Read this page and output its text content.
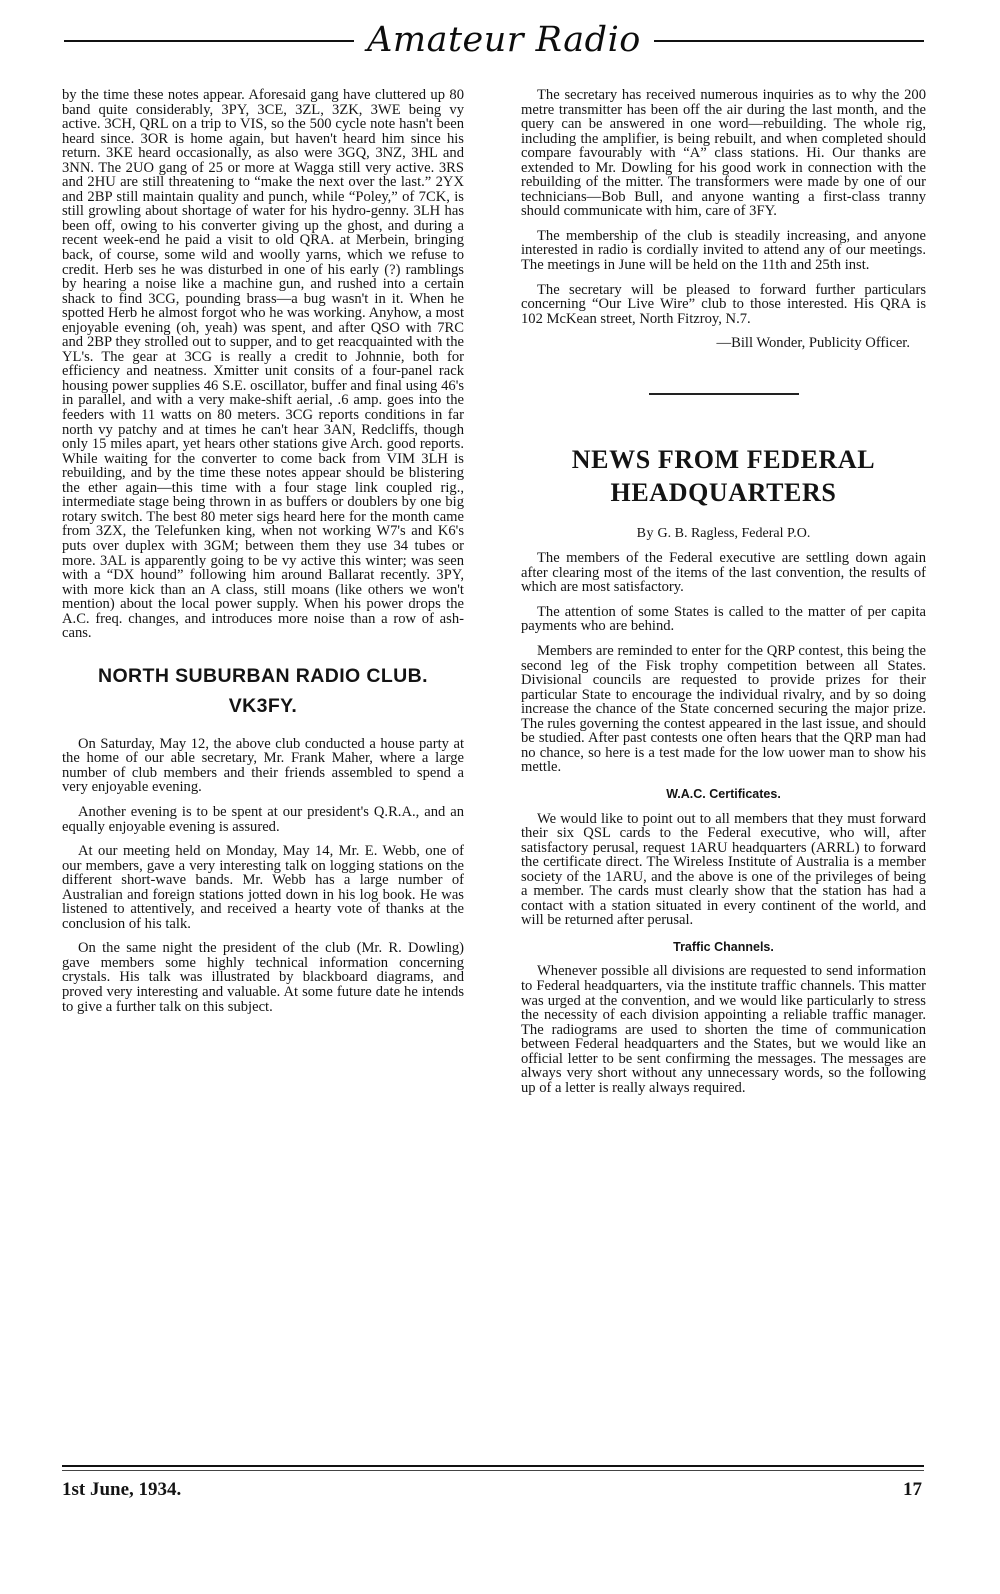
Amateur Radio

by the time these notes appear. Aforesaid gang have cluttered up 80 band quite considerably, 3PY, 3CE, 3ZL, 3ZK, 3WE being vy active. 3CH, QRL on a trip to VIS, so the 500 cycle note hasn't been heard since. 3OR is home again, but haven't heard him since his return. 3KE heard occasionally, as also were 3GQ, 3NZ, 3HL and 3NN. The 2UO gang of 25 or more at Wagga still very active. 3RS and 2HU are still threatening to “make the next over the last.” 2YX and 2BP still maintain quality and punch, while “Poley,” of 7CK, is still growling about shortage of water for his hydro-genny. 3LH has been off, owing to his converter giving up the ghost, and during a recent week-end he paid a visit to old QRA. at Merbein, bringing back, of course, some wild and woolly yarns, which we refuse to credit. Herb ses he was disturbed in one of his early (?) ramblings by hearing a noise like a machine gun, and rushed into a certain shack to find 3CG, pounding brass—a bug wasn't in it. When he spotted Herb he almost forgot who he was working. Anyhow, a most enjoyable evening (oh, yeah) was spent, and after QSO with 7RC and 2BP they strolled out to supper, and to get reacquainted with the YL's. The gear at 3CG is really a credit to Johnnie, both for efficiency and neatness. Xmitter unit consits of a four-panel rack housing power supplies 46 S.E. oscillator, buffer and final using 46's in parallel, and with a very make-shift aerial, .6 amp. goes into the feeders with 11 watts on 80 meters. 3CG reports conditions in far north vy patchy and at times he can't hear 3AN, Redcliffs, though only 15 miles apart, yet hears other stations give Arch. good reports. While waiting for the converter to come back from VIM 3LH is rebuilding, and by the time these notes appear should be blistering the ether again—this time with a four stage link coupled rig., intermediate stage being thrown in as buffers or doublers by one big rotary switch. The best 80 meter sigs heard here for the month came from 3ZX, the Telefunken king, when not working W7's and K6's puts over duplex with 3GM; between them they use 34 tubes or more. 3AL is apparently going to be vy active this winter; was seen with a “DX hound” following him around Ballarat recently. 3PY, with more kick than an A class, still moans (like others we won't mention) about the local power supply. When his power drops the A.C. freq. changes, and introduces more noise than a row of ash-cans.

NORTH SUBURBAN RADIO CLUB.
VK3FY.

On Saturday, May 12, the above club conducted a house party at the home of our able secretary, Mr. Frank Maher, where a large number of club members and their friends assembled to spend a very enjoyable evening.

Another evening is to be spent at our president's Q.R.A., and an equally enjoyable evening is assured.

At our meeting held on Monday, May 14, Mr. E. Webb, one of our members, gave a very interesting talk on logging stations on the different short-wave bands. Mr. Webb has a large number of Australian and foreign stations jotted down in his log book. He was listened to attentively, and received a hearty vote of thanks at the conclusion of his talk.

On the same night the president of the club (Mr. R. Dowling) gave members some highly technical information concerning crystals. His talk was illustrated by blackboard diagrams, and proved very interesting and valuable. At some future date he intends to give a further talk on this subject.

The secretary has received numerous inquiries as to why the 200 metre transmitter has been off the air during the last month, and the query can be answered in one word—rebuilding. The whole rig, including the amplifier, is being rebuilt, and when completed should compare favourably with “A” class stations. Hi. Our thanks are extended to Mr. Dowling for his good work in connection with the rebuilding of the mitter. The transformers were made by one of our technicians—Bob Bull, and anyone wanting a first-class tranny should communicate with him, care of 3FY.

The membership of the club is steadily increasing, and anyone interested in radio is cordially invited to attend any of our meetings. The meetings in June will be held on the 11th and 25th inst.

The secretary will be pleased to forward further particulars concerning “Our Live Wire” club to those interested. His QRA is 102 McKean street, North Fitzroy, N.7.

—Bill Wonder, Publicity Officer.

NEWS FROM FEDERAL
HEADQUARTERS

By G. B. Ragless, Federal P.O.

The members of the Federal executive are settling down again after clearing most of the items of the last convention, the results of which are most satisfactory.

The attention of some States is called to the matter of per capita payments who are behind.

Members are reminded to enter for the QRP contest, this being the second leg of the Fisk trophy competition between all States. Divisional councils are requested to provide prizes for their particular State to encourage the individual rivalry, and by so doing increase the chance of the State concerned securing the major prize. The rules governing the contest appeared in the last issue, and should be studied. After past contests one often hears that the QRP man had no chance, so here is a test made for the low uower man to show his mettle.

W.A.C. Certificates.

We would like to point out to all members that they must forward their six QSL cards to the Federal executive, who will, after satisfactory perusal, request 1ARU headquarters (ARRL) to forward the certificate direct. The Wireless Institute of Australia is a member society of the 1ARU, and the above is one of the privileges of being a member. The cards must clearly show that the station has had a contact with a station situated in every continent of the world, and will be returned after perusal.

Traffic Channels.

Whenever possible all divisions are requested to send information to Federal headquarters, via the institute traffic channels. This matter was urged at the convention, and we would like particularly to stress the necessity of each division appointing a reliable traffic manager. The radiograms are used to shorten the time of communication between Federal headquarters and the States, but we would like an official letter to be sent confirming the messages. The messages are always very short without any unnecessary words, so the following up of a letter is really always required.

1st June, 1934.	17
